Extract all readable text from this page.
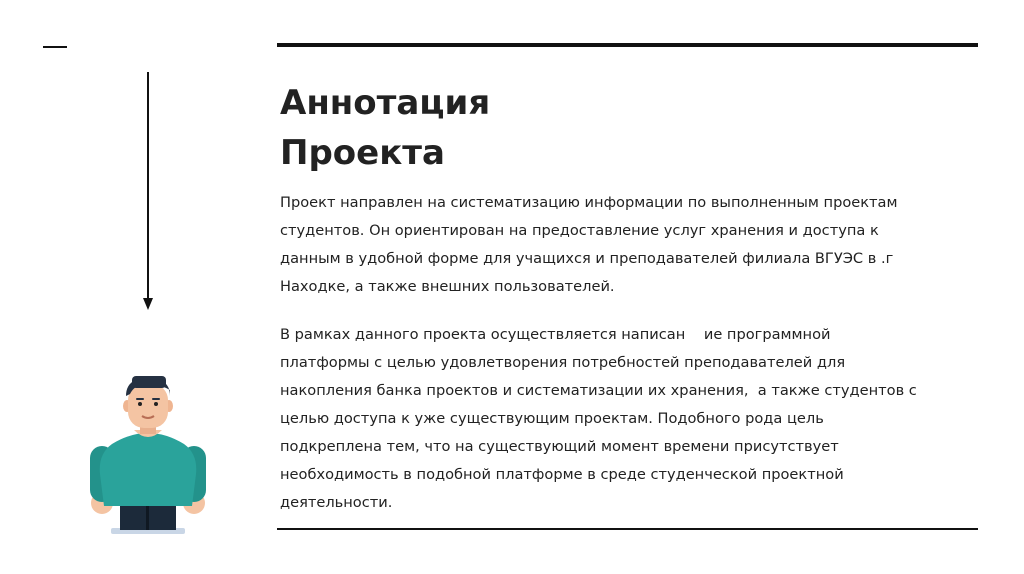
Аннотация
Проекта

Проект направлен на систематизацию информации по выполненным проектам
студентов. Он ориентирован на предоставление услуг хранения и доступа к
данным в удобной форме для учащихся и преподавателей филиала ВГУЭС в .г
Находке, а также внешних пользователей.

В рамках данного проекта осуществляется написан    ие программной
платформы с целью удовлетворения потребностей преподавателей для
накопления банка проектов и систематизации их хранения,  а также студентов с
целью доступа к уже существующим проектам. Подобного рода цель
подкреплена тем, что на существующий момент времени присутствует
необходимость в подобной платформе в среде студенческой проектной
деятельности.
